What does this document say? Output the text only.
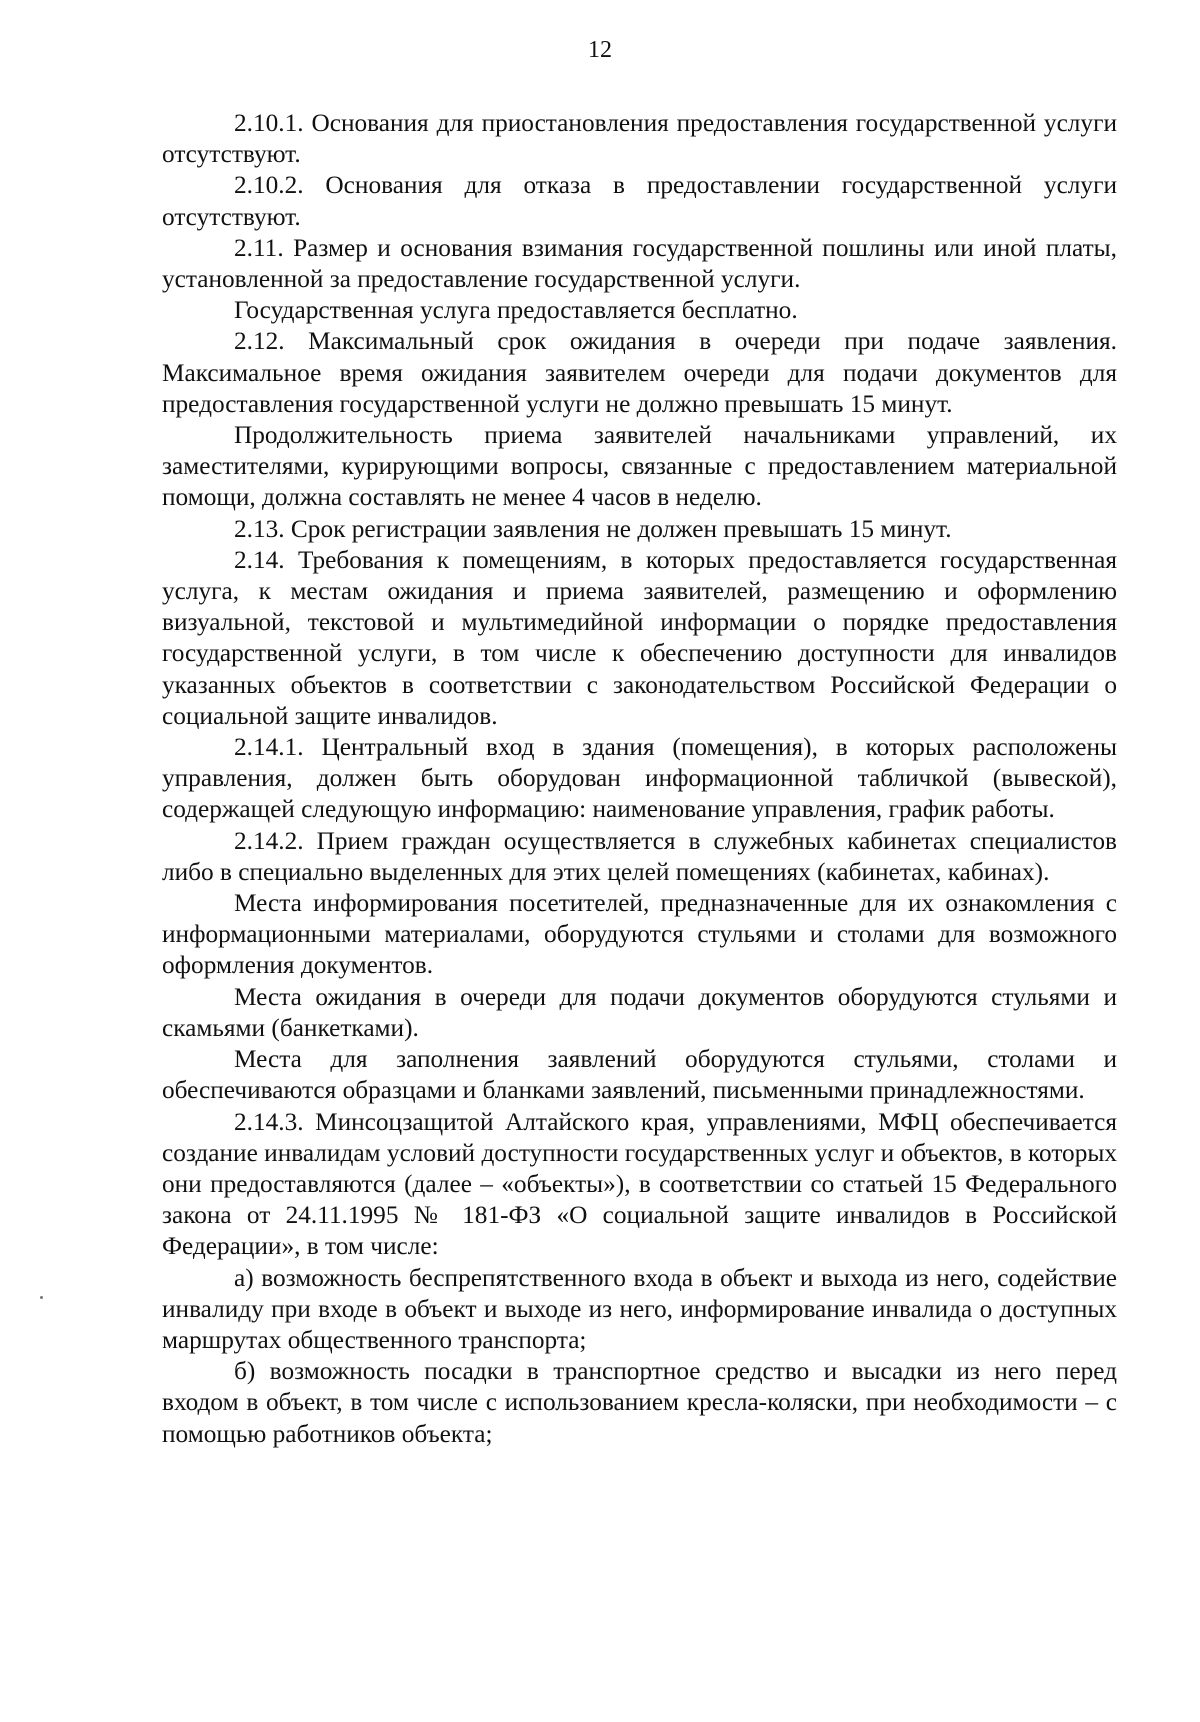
12

2.10.1. Основания для приостановления предоставления государственной услуги отсутствуют.

2.10.2. Основания для отказа в предоставлении государственной услуги отсутствуют.

2.11. Размер и основания взимания государственной пошлины или иной платы, установленной за предоставление государственной услуги.

Государственная услуга предоставляется бесплатно.

2.12. Максимальный срок ожидания в очереди при подаче заявления. Максимальное время ожидания заявителем очереди для подачи документов для предоставления государственной услуги не должно превышать 15 минут.

Продолжительность приема заявителей начальниками управлений, их заместителями, курирующими вопросы, связанные с предоставлением материальной помощи, должна составлять не менее 4 часов в неделю.

2.13. Срок регистрации заявления не должен превышать 15 минут.

2.14. Требования к помещениям, в которых предоставляется государственная услуга, к местам ожидания и приема заявителей, размещению и оформлению визуальной, текстовой и мультимедийной информации о порядке предоставления государственной услуги, в том числе к обеспечению доступности для инвалидов указанных объектов в соответствии с законодательством Российской Федерации о социальной защите инвалидов.

2.14.1. Центральный вход в здания (помещения), в которых расположены управления, должен быть оборудован информационной табличкой (вывеской), содержащей следующую информацию: наименование управления, график работы.

2.14.2. Прием граждан осуществляется в служебных кабинетах специалистов либо в специально выделенных для этих целей помещениях (кабинетах, кабинах).

Места информирования посетителей, предназначенные для их ознакомления с информационными материалами, оборудуются стульями и столами для возможного оформления документов.

Места ожидания в очереди для подачи документов оборудуются стульями и скамьями (банкетками).

Места для заполнения заявлений оборудуются стульями, столами и обеспечиваются образцами и бланками заявлений, письменными принадлежностями.

2.14.3. Минсоцзащитой Алтайского края, управлениями, МФЦ обеспечивается создание инвалидам условий доступности государственных услуг и объектов, в которых они предоставляются (далее – «объекты»), в соответствии со статьей 15 Федерального закона от 24.11.1995 № 181-ФЗ «О социальной защите инвалидов в Российской Федерации», в том числе:

а) возможность беспрепятственного входа в объект и выхода из него, содействие инвалиду при входе в объект и выходе из него, информирование инвалида о доступных маршрутах общественного транспорта;

б) возможность посадки в транспортное средство и высадки из него перед входом в объект, в том числе с использованием кресла-коляски, при необходимости – с помощью работников объекта;
